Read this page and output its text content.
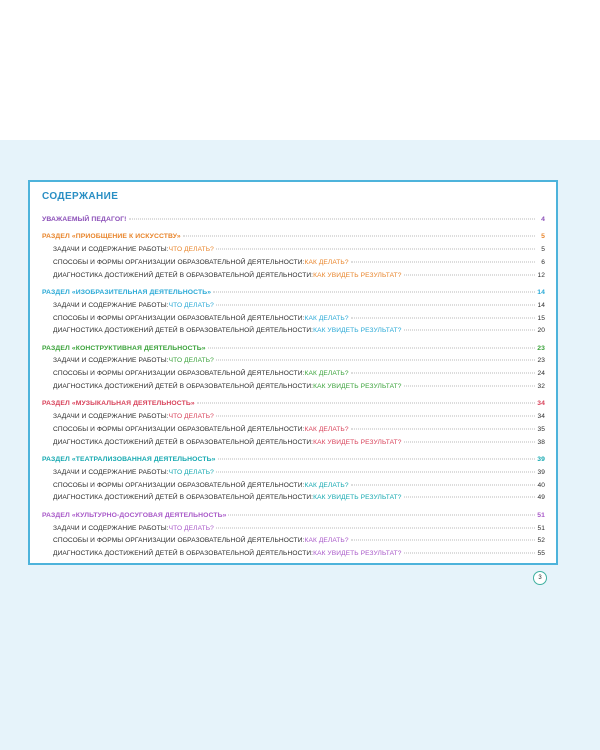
СОДЕРЖАНИЕ
УВАЖАЕМЫЙ ПЕДАГОГ!	4
РАЗДЕЛ «ПРИОБЩЕНИЕ К ИСКУССТВУ»	5
ЗАДАЧИ И СОДЕРЖАНИЕ РАБОТЫ: ЧТО ДЕЛАТЬ?	5
СПОСОБЫ И ФОРМЫ ОРГАНИЗАЦИИ ОБРАЗОВАТЕЛЬНОЙ ДЕЯТЕЛЬНОСТИ: КАК ДЕЛАТЬ?	6
ДИАГНОСТИКА ДОСТИЖЕНИЙ ДЕТЕЙ В ОБРАЗОВАТЕЛЬНОЙ ДЕЯТЕЛЬНОСТИ: КАК УВИДЕТЬ РЕЗУЛЬТАТ?	12
РАЗДЕЛ «ИЗОБРАЗИТЕЛЬНАЯ ДЕЯТЕЛЬНОСТЬ»	14
ЗАДАЧИ И СОДЕРЖАНИЕ РАБОТЫ: ЧТО ДЕЛАТЬ?	14
СПОСОБЫ И ФОРМЫ ОРГАНИЗАЦИИ ОБРАЗОВАТЕЛЬНОЙ ДЕЯТЕЛЬНОСТИ: КАК ДЕЛАТЬ?	15
ДИАГНОСТИКА ДОСТИЖЕНИЙ ДЕТЕЙ В ОБРАЗОВАТЕЛЬНОЙ ДЕЯТЕЛЬНОСТИ: КАК УВИДЕТЬ РЕЗУЛЬТАТ?	20
РАЗДЕЛ «КОНСТРУКТИВНАЯ ДЕЯТЕЛЬНОСТЬ»	23
ЗАДАЧИ И СОДЕРЖАНИЕ РАБОТЫ: ЧТО ДЕЛАТЬ?	23
СПОСОБЫ И ФОРМЫ ОРГАНИЗАЦИИ ОБРАЗОВАТЕЛЬНОЙ ДЕЯТЕЛЬНОСТИ: КАК ДЕЛАТЬ?	24
ДИАГНОСТИКА ДОСТИЖЕНИЙ ДЕТЕЙ В ОБРАЗОВАТЕЛЬНОЙ ДЕЯТЕЛЬНОСТИ: КАК УВИДЕТЬ РЕЗУЛЬТАТ?	32
РАЗДЕЛ «МУЗЫКАЛЬНАЯ ДЕЯТЕЛЬНОСТЬ»	34
ЗАДАЧИ И СОДЕРЖАНИЕ РАБОТЫ: ЧТО ДЕЛАТЬ?	34
СПОСОБЫ И ФОРМЫ ОРГАНИЗАЦИИ ОБРАЗОВАТЕЛЬНОЙ ДЕЯТЕЛЬНОСТИ: КАК ДЕЛАТЬ?	35
ДИАГНОСТИКА ДОСТИЖЕНИЙ ДЕТЕЙ В ОБРАЗОВАТЕЛЬНОЙ ДЕЯТЕЛЬНОСТИ: КАК УВИДЕТЬ РЕЗУЛЬТАТ?	38
РАЗДЕЛ «ТЕАТРАЛИЗОВАННАЯ ДЕЯТЕЛЬНОСТЬ»	39
ЗАДАЧИ И СОДЕРЖАНИЕ РАБОТЫ: ЧТО ДЕЛАТЬ?	39
СПОСОБЫ И ФОРМЫ ОРГАНИЗАЦИИ ОБРАЗОВАТЕЛЬНОЙ ДЕЯТЕЛЬНОСТИ: КАК ДЕЛАТЬ?	40
ДИАГНОСТИКА ДОСТИЖЕНИЙ ДЕТЕЙ В ОБРАЗОВАТЕЛЬНОЙ ДЕЯТЕЛЬНОСТИ: КАК УВИДЕТЬ РЕЗУЛЬТАТ?	49
РАЗДЕЛ «КУЛЬТУРНО-ДОСУГОВАЯ ДЕЯТЕЛЬНОСТЬ»	51
ЗАДАЧИ И СОДЕРЖАНИЕ РАБОТЫ: ЧТО ДЕЛАТЬ?	51
СПОСОБЫ И ФОРМЫ ОРГАНИЗАЦИИ ОБРАЗОВАТЕЛЬНОЙ ДЕЯТЕЛЬНОСТИ: КАК ДЕЛАТЬ?	52
ДИАГНОСТИКА ДОСТИЖЕНИЙ ДЕТЕЙ В ОБРАЗОВАТЕЛЬНОЙ ДЕЯТЕЛЬНОСТИ: КАК УВИДЕТЬ РЕЗУЛЬТАТ?	55
3
